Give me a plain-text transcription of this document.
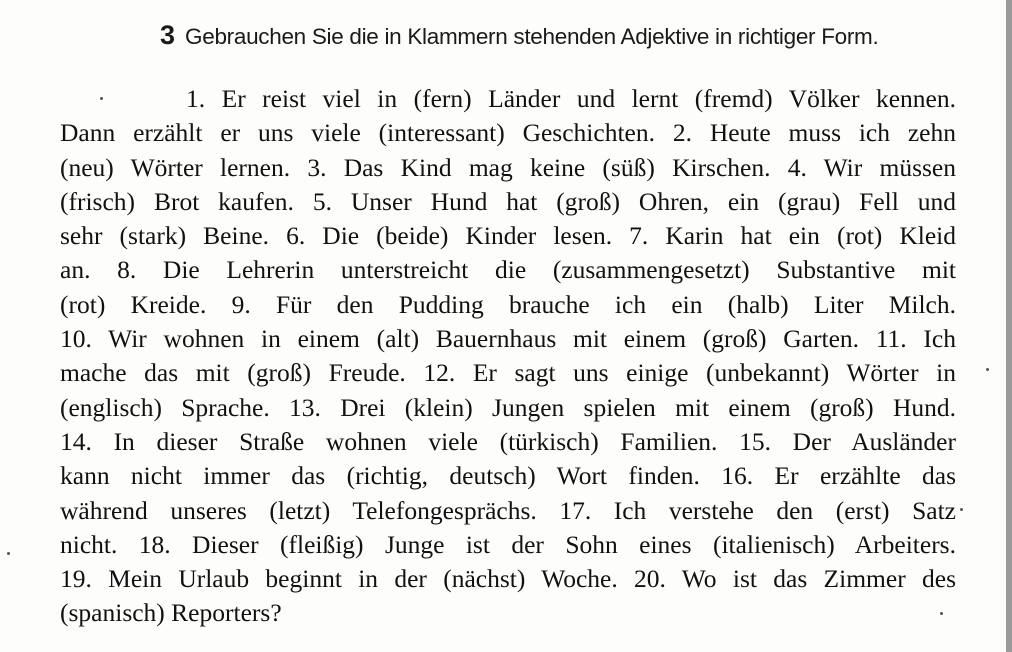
3 Gebrauchen Sie die in Klammern stehenden Adjektive in richtiger Form.
1. Er reist viel in (fern) Länder und lernt (fremd) Völker kennen.
Dann erzählt er uns viele (interessant) Geschichten. 2. Heute muss ich zehn
(neu) Wörter lernen. 3. Das Kind mag keine (süß) Kirschen. 4. Wir müssen
(frisch) Brot kaufen. 5. Unser Hund hat (groß) Ohren, ein (grau) Fell und
sehr (stark) Beine. 6. Die (beide) Kinder lesen. 7. Karin hat ein (rot) Kleid
an. 8. Die Lehrerin unterstreicht die (zusammengesetzt) Substantive mit
(rot) Kreide. 9. Für den Pudding brauche ich ein (halb) Liter Milch.
10. Wir wohnen in einem (alt) Bauernhaus mit einem (groß) Garten. 11. Ich
mache das mit (groß) Freude. 12. Er sagt uns einige (unbekannt) Wörter in
(englisch) Sprache. 13. Drei (klein) Jungen spielen mit einem (groß) Hund.
14. In dieser Straße wohnen viele (türkisch) Familien. 15. Der Ausländer
kann nicht immer das (richtig, deutsch) Wort finden. 16. Er erzählte das
während unseres (letzt) Telefongesprächs. 17. Ich verstehe den (erst) Satz
nicht. 18. Dieser (fleißig) Junge ist der Sohn eines (italienisch) Arbeiters.
19. Mein Urlaub beginnt in der (nächst) Woche. 20. Wo ist das Zimmer des
(spanisch) Reporters?
